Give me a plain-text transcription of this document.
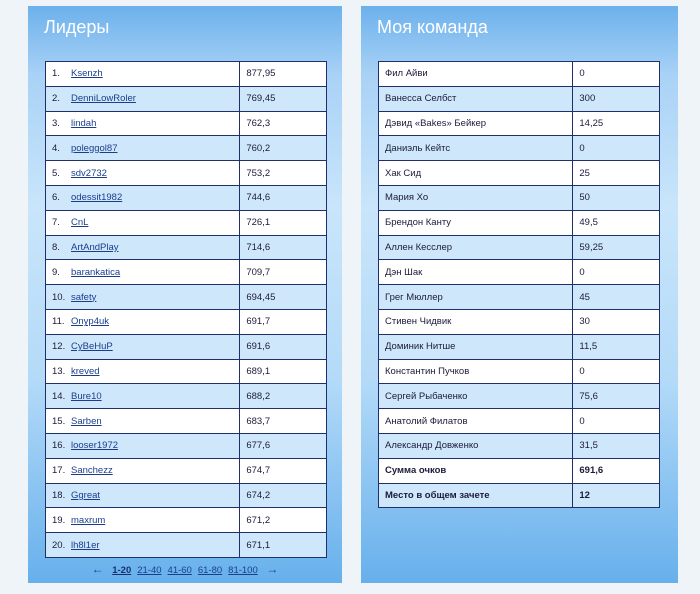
Лидеры
1. Ksenzh	877,95
2. DenniLowRoler	769,45
3. lindah	762,3
4. poleggol87	760,2
5. sdv2732	753,2
6. odessit1982	744,6
7. CnL	726,1
8. ArtAndPlay	714,6
9. barankatica	709,7
10. safety	694,45
11. Onyp4uk	691,7
12. CyBeHuP	691,6
13. kreved	689,1
14. Bure10	688,2
15. Sarben	683,7
16. looser1972	677,6
17. Sanchezz	674,7
18. Ggreat	674,2
19. maxrum	671,2
20. lh8l1er	671,1
← 1-20 21-40 41-60 61-80 81-100 →
Моя команда
Фил Айви	0
Ванесса Селбст	300
Дэвид «Bakes» Бейкер	14,25
Даниэль Кейтс	0
Хак Сид	25
Мария Хо	50
Брендон Канту	49,5
Аллен Кесслер	59,25
Дэн Шак	0
Грег Мюллер	45
Стивен Чидвик	30
Доминик Нитше	11,5
Константин Пучков	0
Сергей Рыбаченко	75,6
Анатолий Филатов	0
Александр Довженко	31,5
Сумма очков	691,6
Место в общем зачете	12
